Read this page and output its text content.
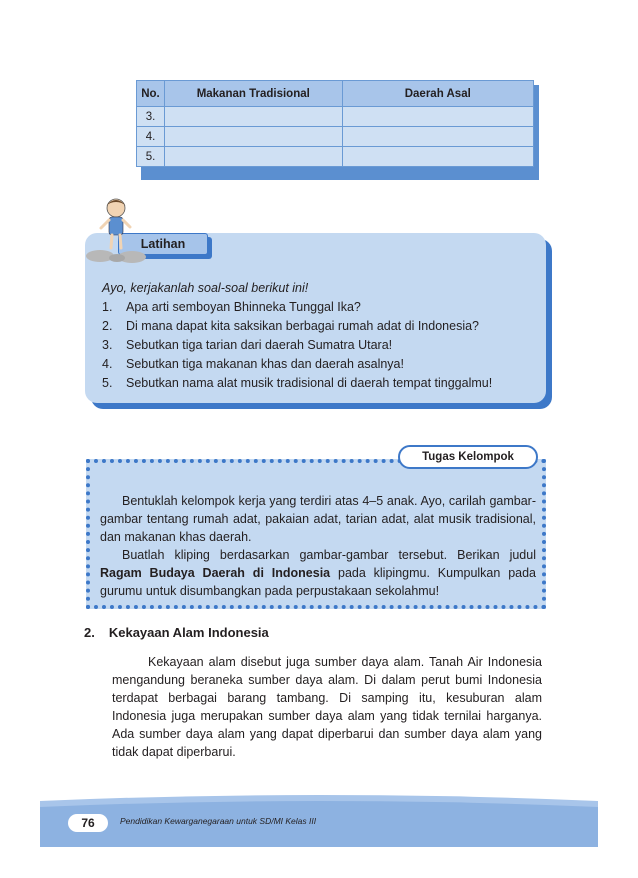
No.	Makanan Tradisional	Daerah Asal
3.		
4.		
5.		
Latihan
Ayo, kerjakanlah soal-soal berikut ini!
1.	Apa arti semboyan Bhinneka Tunggal Ika?
2.	Di mana dapat kita saksikan berbagai rumah adat di Indonesia?
3.	Sebutkan tiga tarian dari daerah Sumatra Utara!
4.	Sebutkan tiga makanan khas dan daerah asalnya!
5.	Sebutkan nama alat musik tradisional di daerah tempat tinggalmu!
Tugas Kelompok

Bentuklah kelompok kerja yang terdiri atas 4–5 anak. Ayo, carilah gambar-gambar tentang rumah adat, pakaian adat, tarian adat, alat musik tradisional, dan makanan khas daerah.

Buatlah kliping berdasarkan gambar-gambar tersebut. Berikan judul Ragam Budaya Daerah di Indonesia pada klipingmu. Kumpulkan pada gurumu untuk disumbangkan pada perpustakaan sekolahmu!

2. Kekayaan Alam Indonesia

Kekayaan alam disebut juga sumber daya alam. Tanah Air Indonesia mengandung beraneka sumber daya alam. Di dalam perut bumi Indonesia terdapat berbagai barang tambang. Di samping itu, kesuburan alam Indonesia juga merupakan sumber daya alam yang tidak ternilai harganya. Ada sumber daya alam yang dapat diperbarui dan sumber daya alam yang tidak dapat diperbarui.

76	Pendidikan Kewarganegaraan untuk SD/MI Kelas III
